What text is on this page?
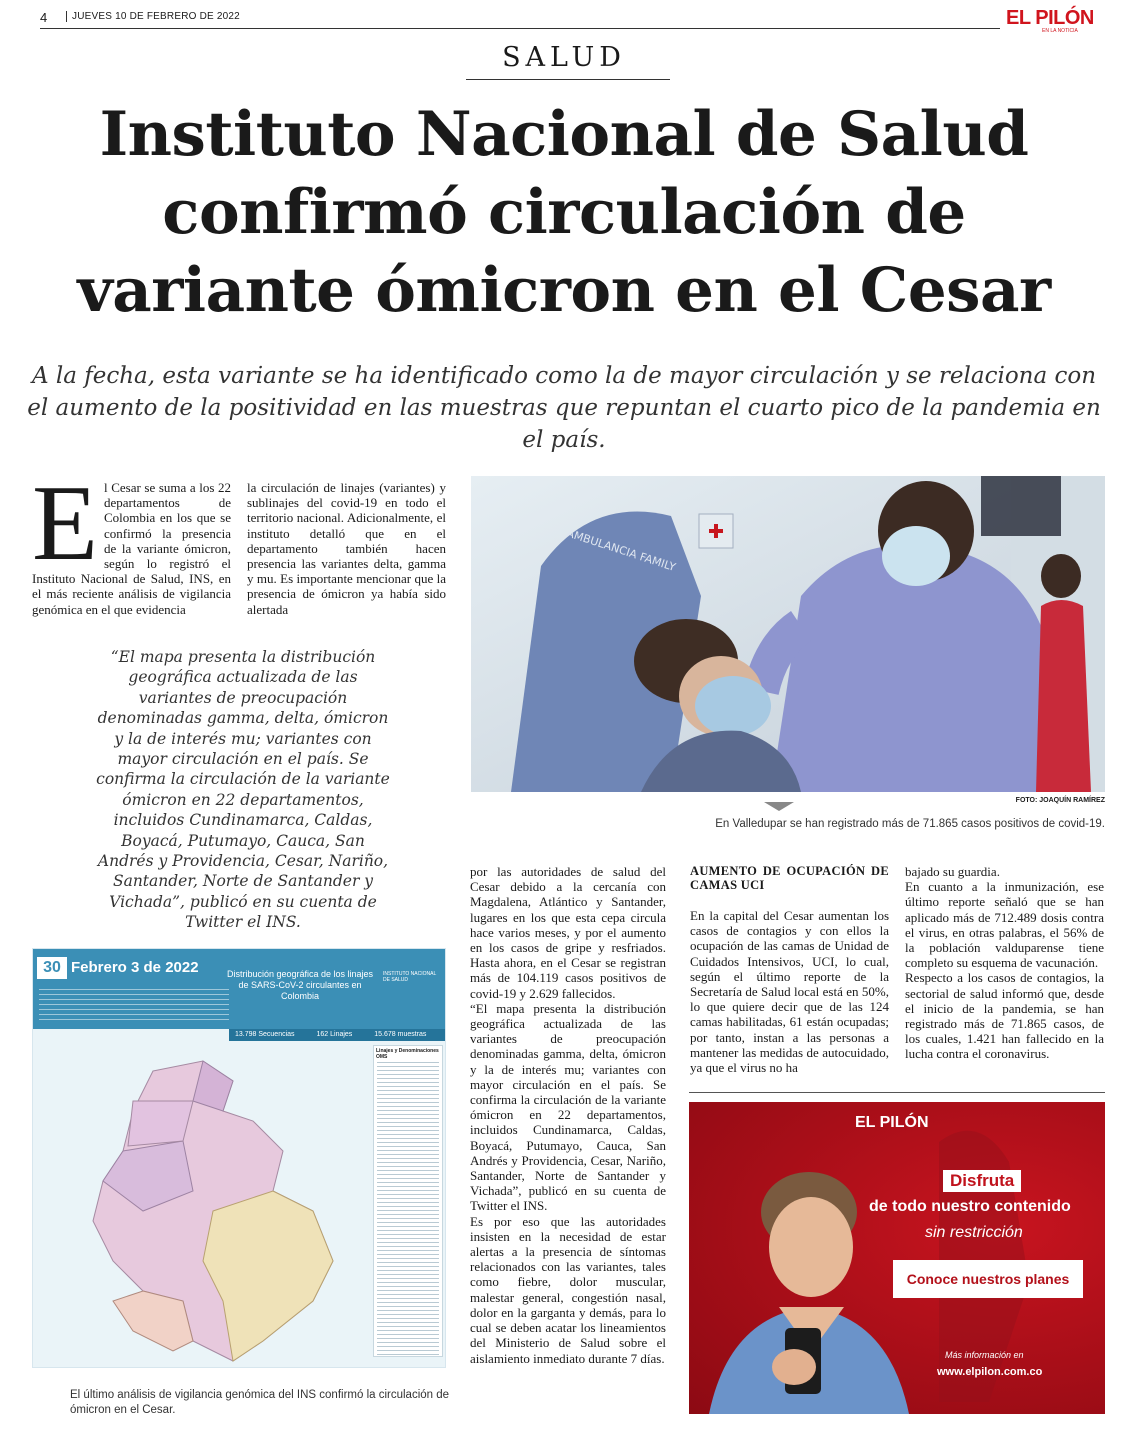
4	JUEVES 10 DE FEBRERO DE 2022	EL PILÓN
EN LA NOTICIA
SALUD
Instituto Nacional de Salud
confirmó circulación de
variante ómicron en el Cesar

A la fecha, esta variante se ha identificado como la de mayor circulación y se relaciona con el aumento de la positividad en las muestras que repuntan el cuarto pico de la pandemia en el país.

E l Cesar se suma a los 22 departamentos de Colombia en los que se confirmó la presencia de la variante ómicron, según lo registró el Instituto Nacional de Salud, INS, en el más reciente análisis de vigilancia genómica en el que evidencia

la circulación de linajes (variantes) y sublinajes del covid-19 en todo el territorio nacional. Adicionalmente, el instituto detalló que en el departamento también hacen presencia las variantes delta, gamma y mu. Es importante mencionar que la presencia de ómicron ya había sido alertada

“El mapa presenta la distribución geográfica actualizada de las variantes de preocupación denominadas gamma, delta, ómicron y la de interés mu; variantes con mayor circulación en el país. Se confirma la circulación de la variante ómicron en 22 departamentos, incluidos Cundinamarca, Caldas, Boyacá, Putumayo, Cauca, San Andrés y Providencia, Cesar, Nariño, Santander, Norte de Santander y Vichada”, publicó en su cuenta de Twitter el INS.

AMBULANCIA FAMILY
FOTO: JOAQUÍN RAMÍREZ
En Valledupar se han registrado más de 71.865 casos positivos de covid-19.
30 Febrero 3 de 2022	Distribución geográfica de los linajes de SARS-CoV-2 circulantes en Colombia
INSTITUTO NACIONAL DE SALUD
13.798 Secuencias	162 Linajes	15.678 muestras
Linajes y Denominaciones OMS
El último análisis de vigilancia genómica del INS confirmó la circulación de ómicron en el Cesar.

por las autoridades de salud del Cesar debido a la cercanía con Magdalena, Atlántico y Santander, lugares en los que esta cepa circula hace varios meses, y por el aumento en los casos de gripe y resfriados. Hasta ahora, en el Cesar se registran más de 104.119 casos positivos de covid-19 y 2.629 fallecidos.

“El mapa presenta la distribución geográfica actualizada de las variantes de preocupación denominadas gamma, delta, ómicron y la de interés mu; variantes con mayor circulación en el país. Se confirma la circulación de la variante ómicron en 22 departamentos, incluidos Cundinamarca, Caldas, Boyacá, Putumayo, Cauca, San Andrés y Providencia, Cesar, Nariño, Santander, Norte de Santander y Vichada”, publicó en su cuenta de Twitter el INS.

Es por eso que las autoridades insisten en la necesidad de estar alertas a la presencia de síntomas relacionados con las variantes, tales como fiebre, dolor muscular, malestar general, congestión nasal, dolor en la garganta y demás, para lo cual se deben acatar los lineamientos del Ministerio de Salud sobre el aislamiento inmediato durante 7 días.

AUMENTO DE OCUPACIÓN DE CAMAS UCI

En la capital del Cesar aumentan los casos de contagios y con ellos la ocupación de las camas de Unidad de Cuidados Intensivos, UCI, lo cual, según el último reporte de la Secretaría de Salud local está en 50%, lo que quiere decir que de las 124 camas habilitadas, 61 están ocupadas; por tanto, instan a las personas a mantener las medidas de autocuidado, ya que el virus no ha

bajado su guardia.

En cuanto a la inmunización, ese último reporte señaló que se han aplicado más de 712.489 dosis contra el virus, en otras palabras, el 56% de la población valduparense tiene completo su esquema de vacunación.

Respecto a los casos de contagios, la sectorial de salud informó que, desde el inicio de la pandemia, se han registrado más de 71.865 casos, de los cuales, 1.421 han fallecido en la lucha contra el coronavirus.

EL PILÓN
Disfruta
de todo nuestro contenido
sin restricción
Conoce nuestros planes
Más información en
www.elpilon.com.co
